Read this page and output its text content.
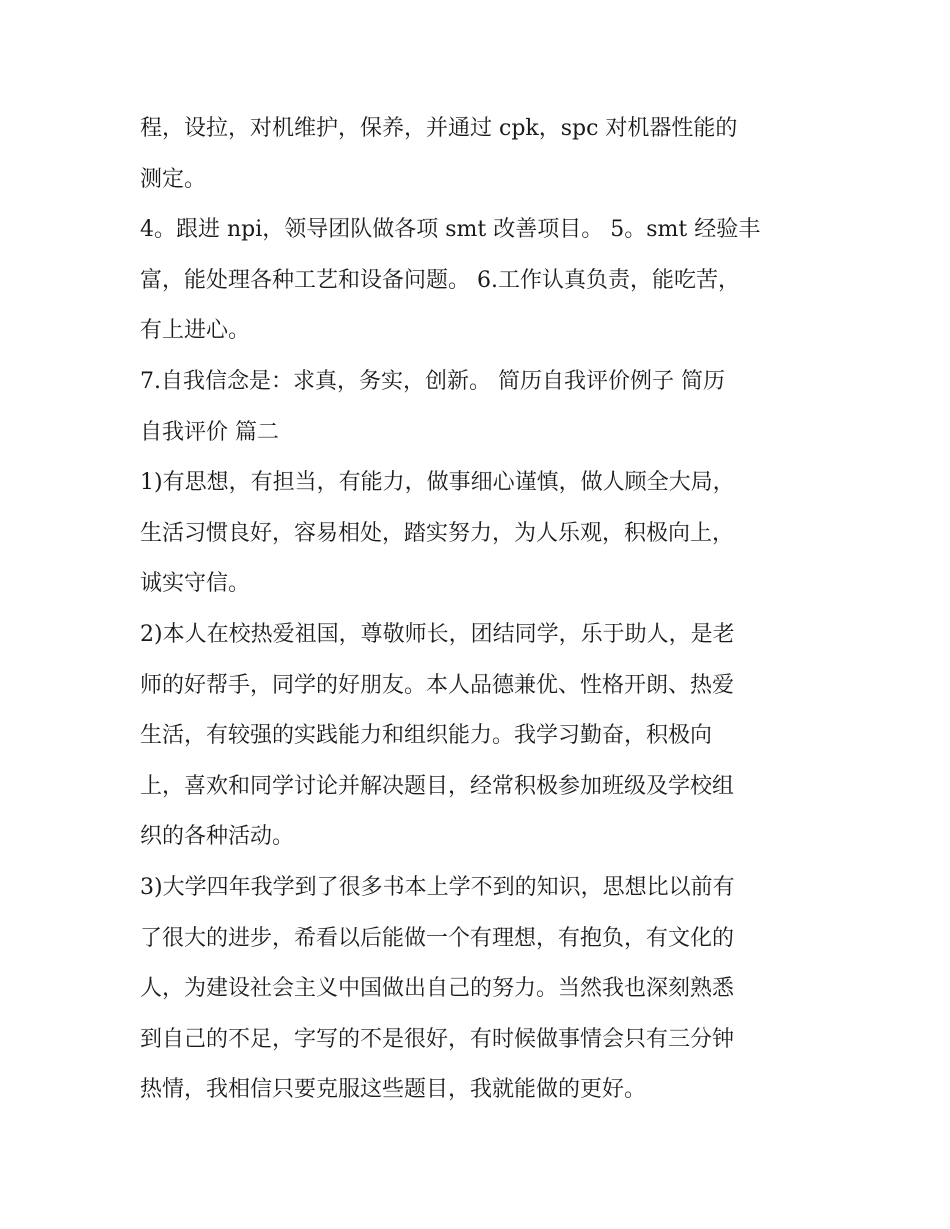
程，设拉，对机维护，保养，并通过 cpk，spc 对机器性能的
测定。
4。跟进 npi，领导团队做各项 smt 改善项目。 5。smt 经验丰
富，能处理各种工艺和设备问题。 6.工作认真负责，能吃苦，
有上进心。
7.自我信念是：求真，务实，创新。 简历自我评价例子 简历
自我评价 篇二
1)有思想，有担当，有能力，做事细心谨慎，做人顾全大局，
生活习惯良好，容易相处，踏实努力，为人乐观，积极向上，
诚实守信。
2)本人在校热爱祖国，尊敬师长，团结同学，乐于助人，是老
师的好帮手，同学的好朋友。本人品德兼优、性格开朗、热爱
生活，有较强的实践能力和组织能力。我学习勤奋，积极向
上，喜欢和同学讨论并解决题目，经常积极参加班级及学校组
织的各种活动。
3)大学四年我学到了很多书本上学不到的知识，思想比以前有
了很大的进步，希看以后能做一个有理想，有抱负，有文化的
人，为建设社会主义中国做出自己的努力。当然我也深刻熟悉
到自己的不足，字写的不是很好，有时候做事情会只有三分钟
热情，我相信只要克服这些题目，我就能做的更好。
